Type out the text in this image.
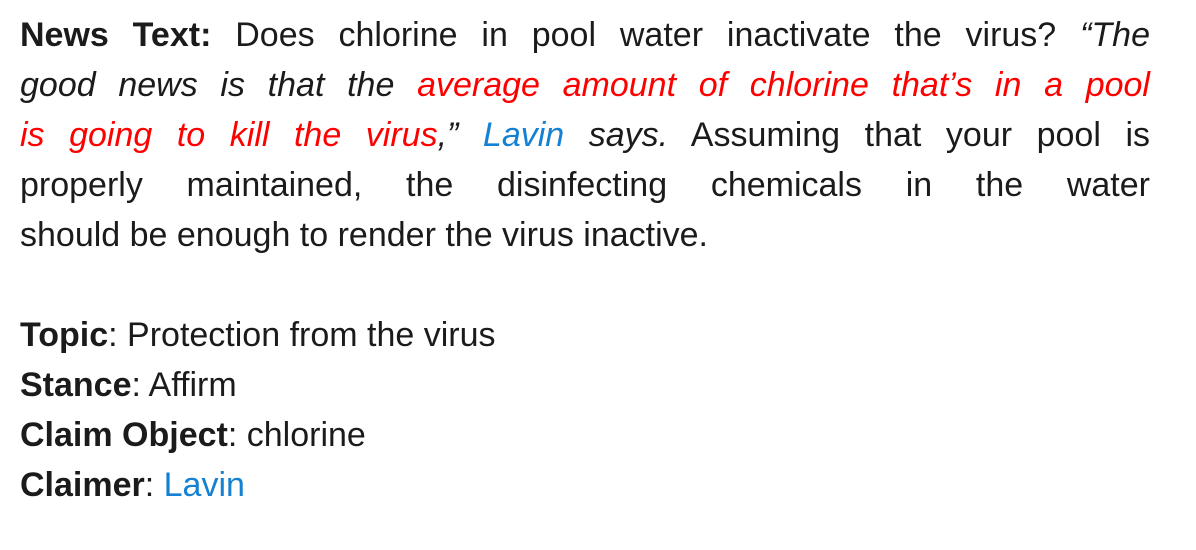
News Text: Does chlorine in pool water inactivate the virus? “The
good news is that the average amount of chlorine that’s in a pool
is going to kill the virus,” Lavin says. Assuming that your pool is
properly maintained, the disinfecting chemicals in the water
should be enough to render the virus inactive.
Topic: Protection from the virus
Stance: Affirm
Claim Object: chlorine
Claimer: Lavin
